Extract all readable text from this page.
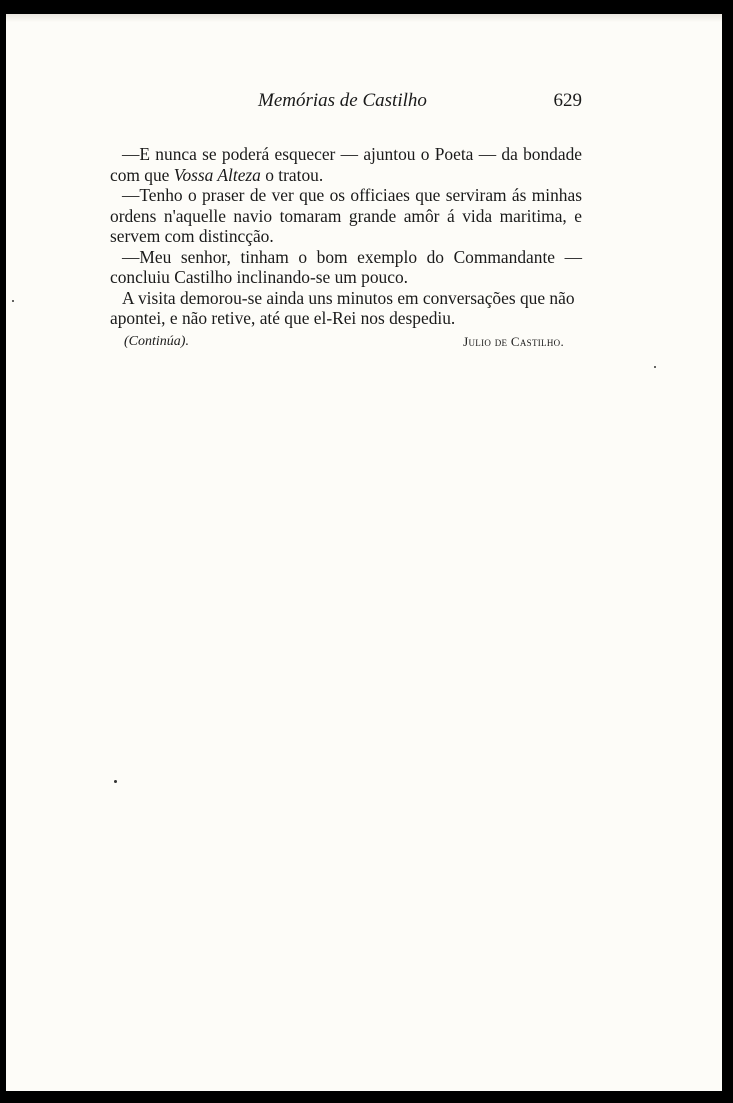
Memórias de Castilho	629

—E nunca se poderá esquecer — ajuntou o Poeta — da bondade com que Vossa Alteza o tratou.

—Tenho o praser de ver que os officiaes que serviram ás minhas ordens n'aquelle navio tomaram grande amôr á vida maritima, e servem com distincção.

—Meu senhor, tinham o bom exemplo do Commandante —concluiu Castilho inclinando-se um pouco.

A visita demorou-se ainda uns minutos em conversações que não apontei, e não retive, até que el-Rei nos despediu.

(Continúa).	Julio de Castilho.
